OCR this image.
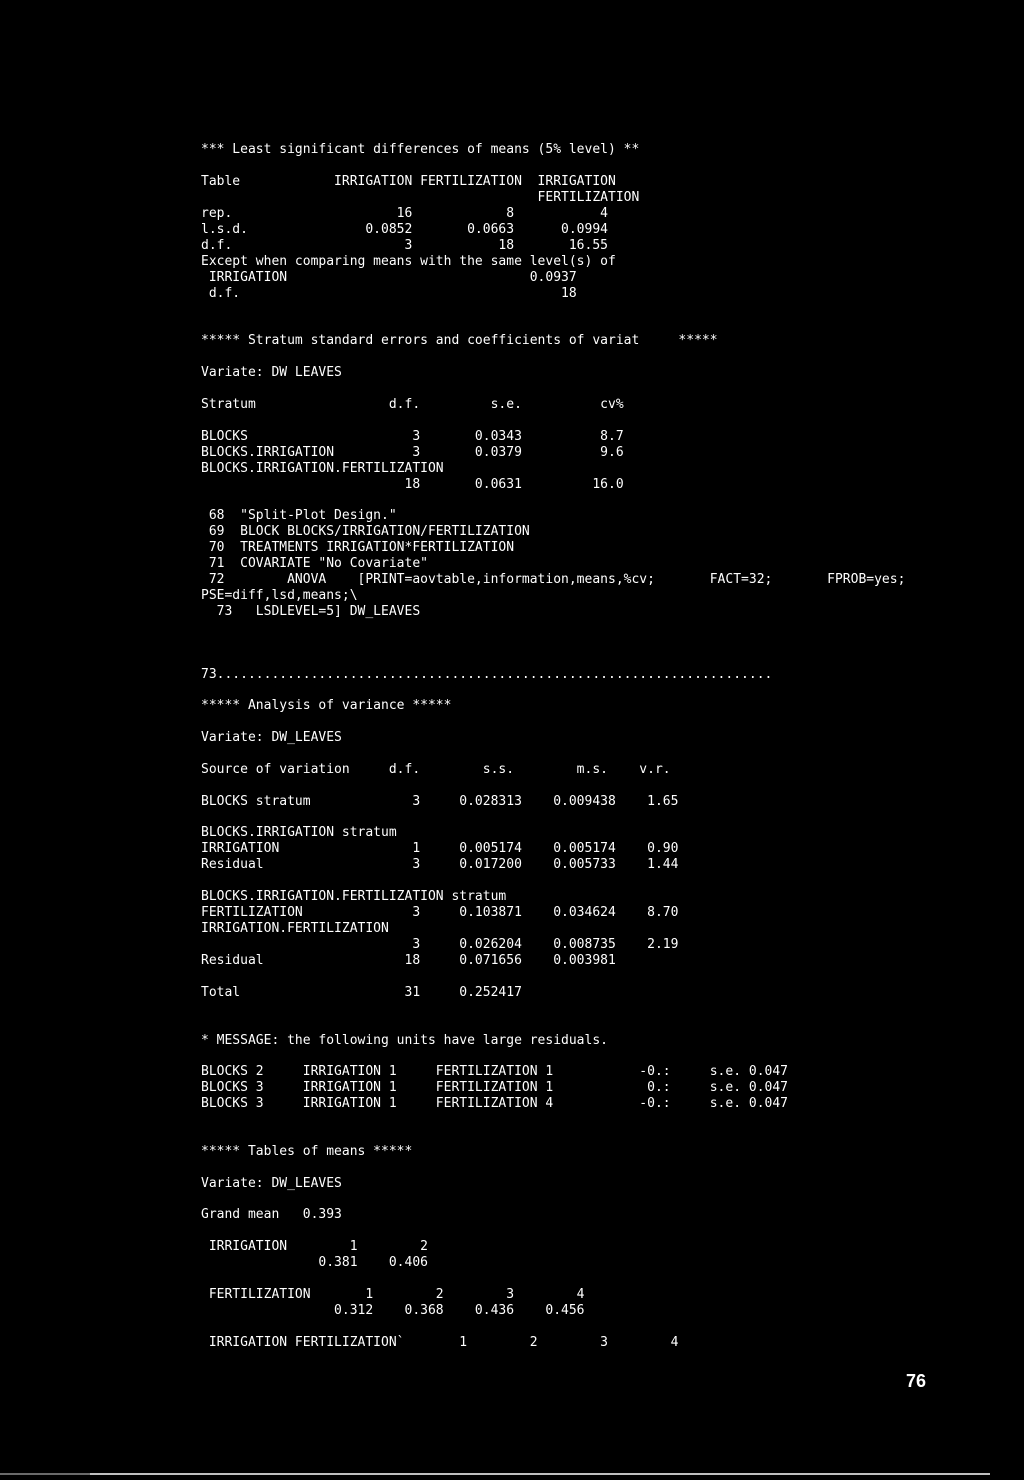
*** Least significant differences of means (5% level) **
Table            IRRIGATION FERTILIZATION  IRRIGATION
FERTILIZATION
rep.                     16            8           4
l.s.d.               0.0852       0.0663      0.0994
d.f.                      3           18       16.55
Except when comparing means with the same level(s) of
IRRIGATION                               0.0937
d.f.                                         18
***** Stratum standard errors and coefficients of variat     *****
Variate: DW LEAVES
Stratum                 d.f.         s.e.          cv%
BLOCKS                     3       0.0343          8.7
BLOCKS.IRRIGATION          3       0.0379          9.6
BLOCKS.IRRIGATION.FERTILIZATION
18       0.0631         16.0
68  "Split-Plot Design."
69  BLOCK BLOCKS/IRRIGATION/FERTILIZATION
70  TREATMENTS IRRIGATION*FERTILIZATION
71  COVARIATE "No Covariate"
72        ANOVA    [PRINT=aovtable,information,means,%cv;       FACT=32;       FPROB=yes;
PSE=diff,lsd,means;\
73   LSDLEVEL=5] DW_LEAVES
73.......................................................................
***** Analysis of variance *****
Variate: DW_LEAVES
Source of variation     d.f.        s.s.        m.s.    v.r.
BLOCKS stratum             3     0.028313    0.009438    1.65
BLOCKS.IRRIGATION stratum
IRRIGATION                 1     0.005174    0.005174    0.90
Residual                   3     0.017200    0.005733    1.44
BLOCKS.IRRIGATION.FERTILIZATION stratum
FERTILIZATION              3     0.103871    0.034624    8.70
IRRIGATION.FERTILIZATION
3     0.026204    0.008735    2.19
Residual                  18     0.071656    0.003981
Total                     31     0.252417
* MESSAGE: the following units have large residuals.
BLOCKS 2     IRRIGATION 1     FERTILIZATION 1           -0.:     s.e. 0.047
BLOCKS 3     IRRIGATION 1     FERTILIZATION 1            0.:     s.e. 0.047
BLOCKS 3     IRRIGATION 1     FERTILIZATION 4           -0.:     s.e. 0.047
***** Tables of means *****
Variate: DW_LEAVES
Grand mean   0.393
IRRIGATION        1        2
0.381    0.406
FERTILIZATION       1        2        3        4
0.312    0.368    0.436    0.456
IRRIGATION FERTILIZATION`       1        2        3        4
76
